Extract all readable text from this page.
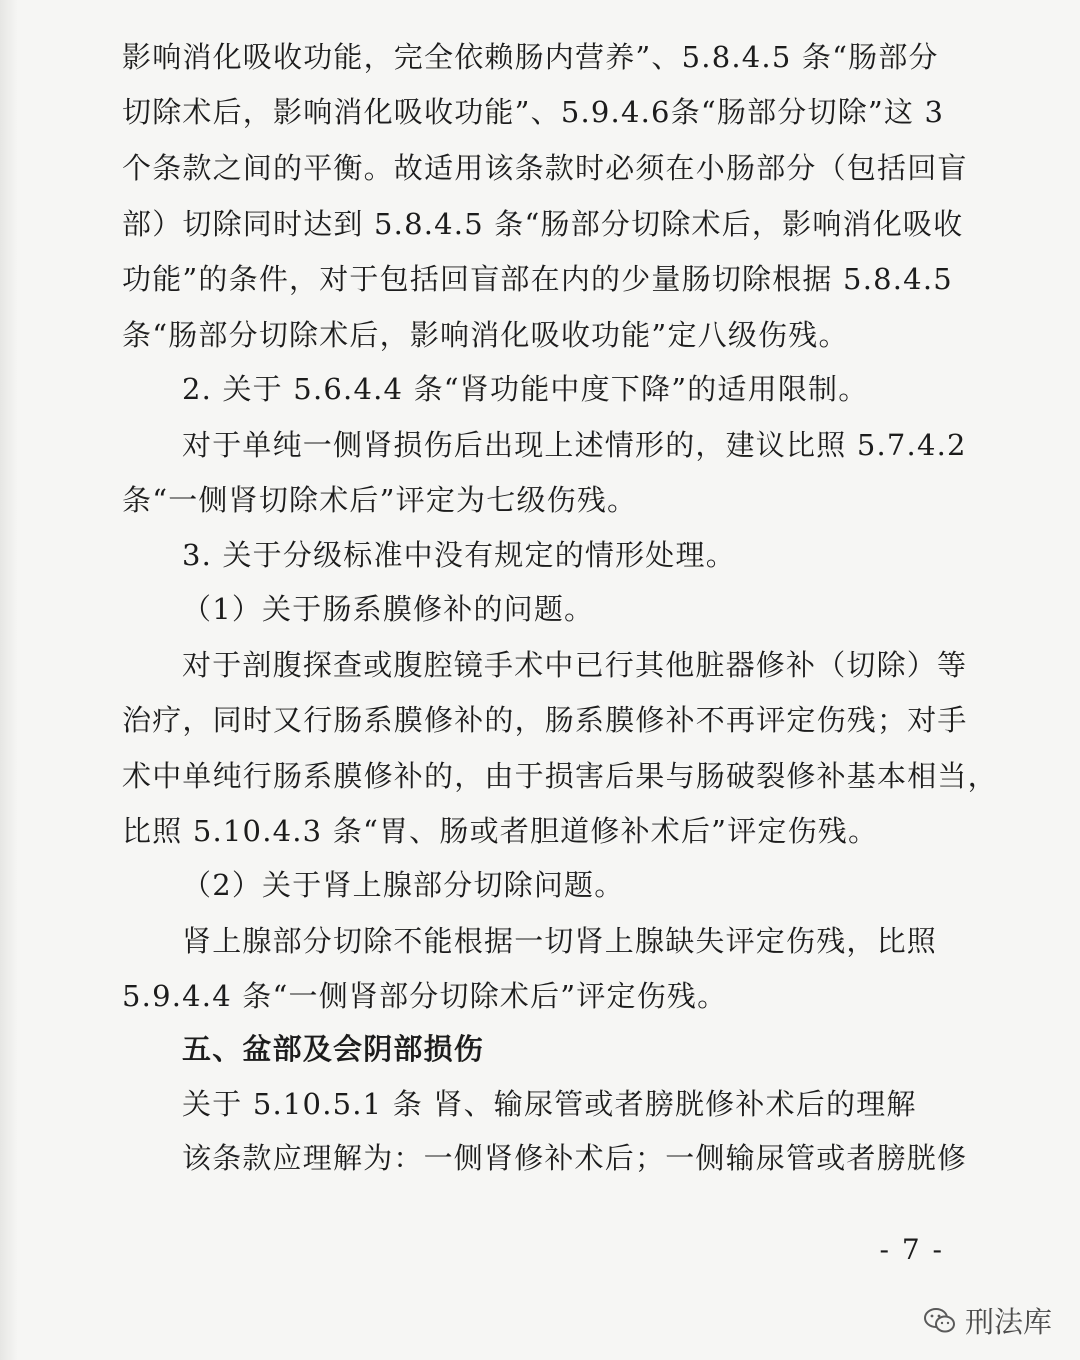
影响消化吸收功能，完全依赖肠内营养”、5.8.4.5 条“肠部分
切除术后，影响消化吸收功能”、5.9.4.6条“肠部分切除”这 3
个条款之间的平衡。故适用该条款时必须在小肠部分（包括回盲
部）切除同时达到 5.8.4.5 条“肠部分切除术后，影响消化吸收
功能”的条件，对于包括回盲部在内的少量肠切除根据 5.8.4.5
条“肠部分切除术后，影响消化吸收功能”定八级伤残。
2. 关于 5.6.4.4 条“肾功能中度下降”的适用限制。
对于单纯一侧肾损伤后出现上述情形的，建议比照 5.7.4.2
条“一侧肾切除术后”评定为七级伤残。
3. 关于分级标准中没有规定的情形处理。
（1）关于肠系膜修补的问题。
对于剖腹探查或腹腔镜手术中已行其他脏器修补（切除）等
治疗，同时又行肠系膜修补的，肠系膜修补不再评定伤残；对手
术中单纯行肠系膜修补的，由于损害后果与肠破裂修补基本相当，
比照 5.10.4.3 条“胃、肠或者胆道修补术后”评定伤残。
（2）关于肾上腺部分切除问题。
肾上腺部分切除不能根据一切肾上腺缺失评定伤残，比照
5.9.4.4 条“一侧肾部分切除术后”评定伤残。
五、盆部及会阴部损伤
关于 5.10.5.1 条 肾、输尿管或者膀胱修补术后的理解
该条款应理解为：一侧肾修补术后；一侧输尿管或者膀胱修
- 7 -
刑法库
